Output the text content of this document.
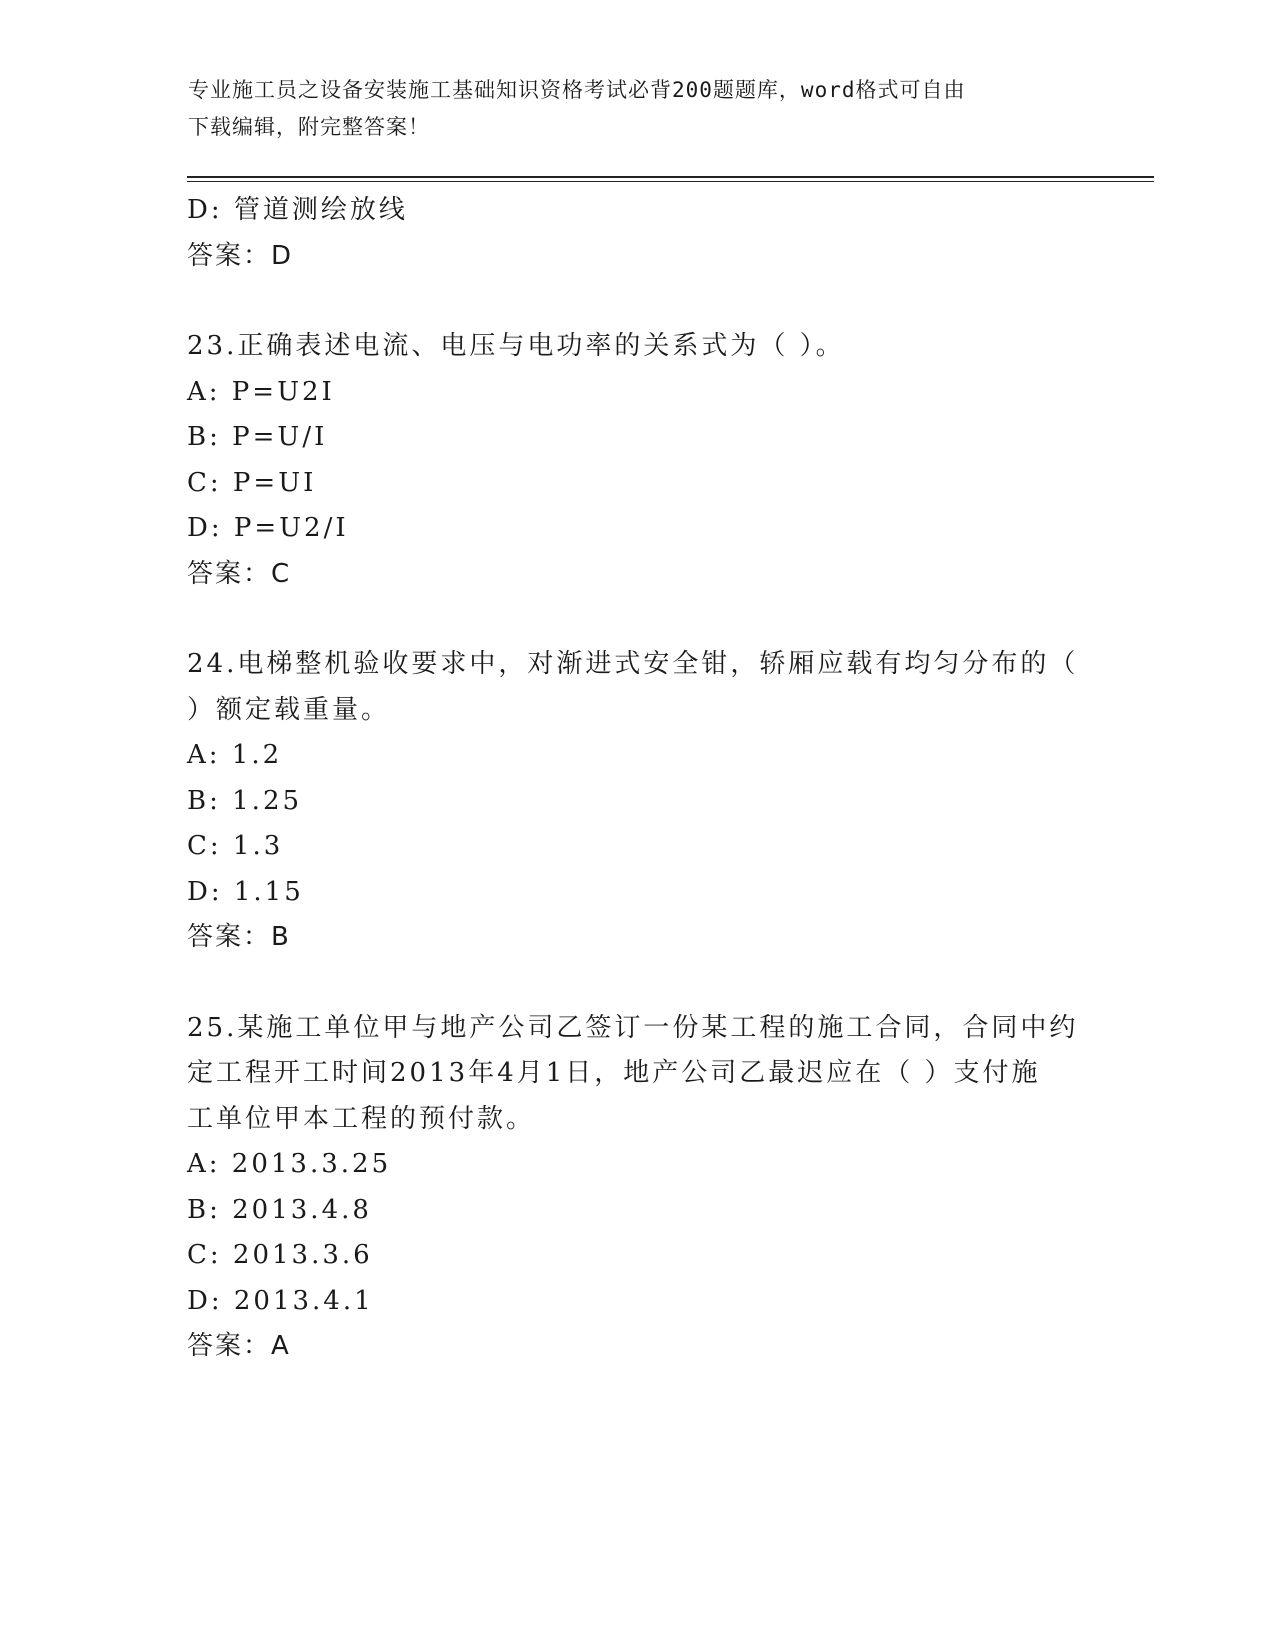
专业施工员之设备安装施工基础知识资格考试必背200题题库，word格式可自由
下载编辑，附完整答案！
D: 管道测绘放线
答案：D
23.正确表述电流、电压与电功率的关系式为（ ）。
A: P=U2I
B: P=U/I
C: P=UI
D: P=U2/I
答案：C
24.电梯整机验收要求中，对渐进式安全钳，轿厢应载有均匀分布的（
）额定载重量。
A: 1.2
B: 1.25
C: 1.3
D: 1.15
答案：B
25.某施工单位甲与地产公司乙签订一份某工程的施工合同，合同中约
定工程开工时间2013年4月1日，地产公司乙最迟应在（ ）支付施
工单位甲本工程的预付款。
A: 2013.3.25
B: 2013.4.8
C: 2013.3.6
D: 2013.4.1
答案：A
